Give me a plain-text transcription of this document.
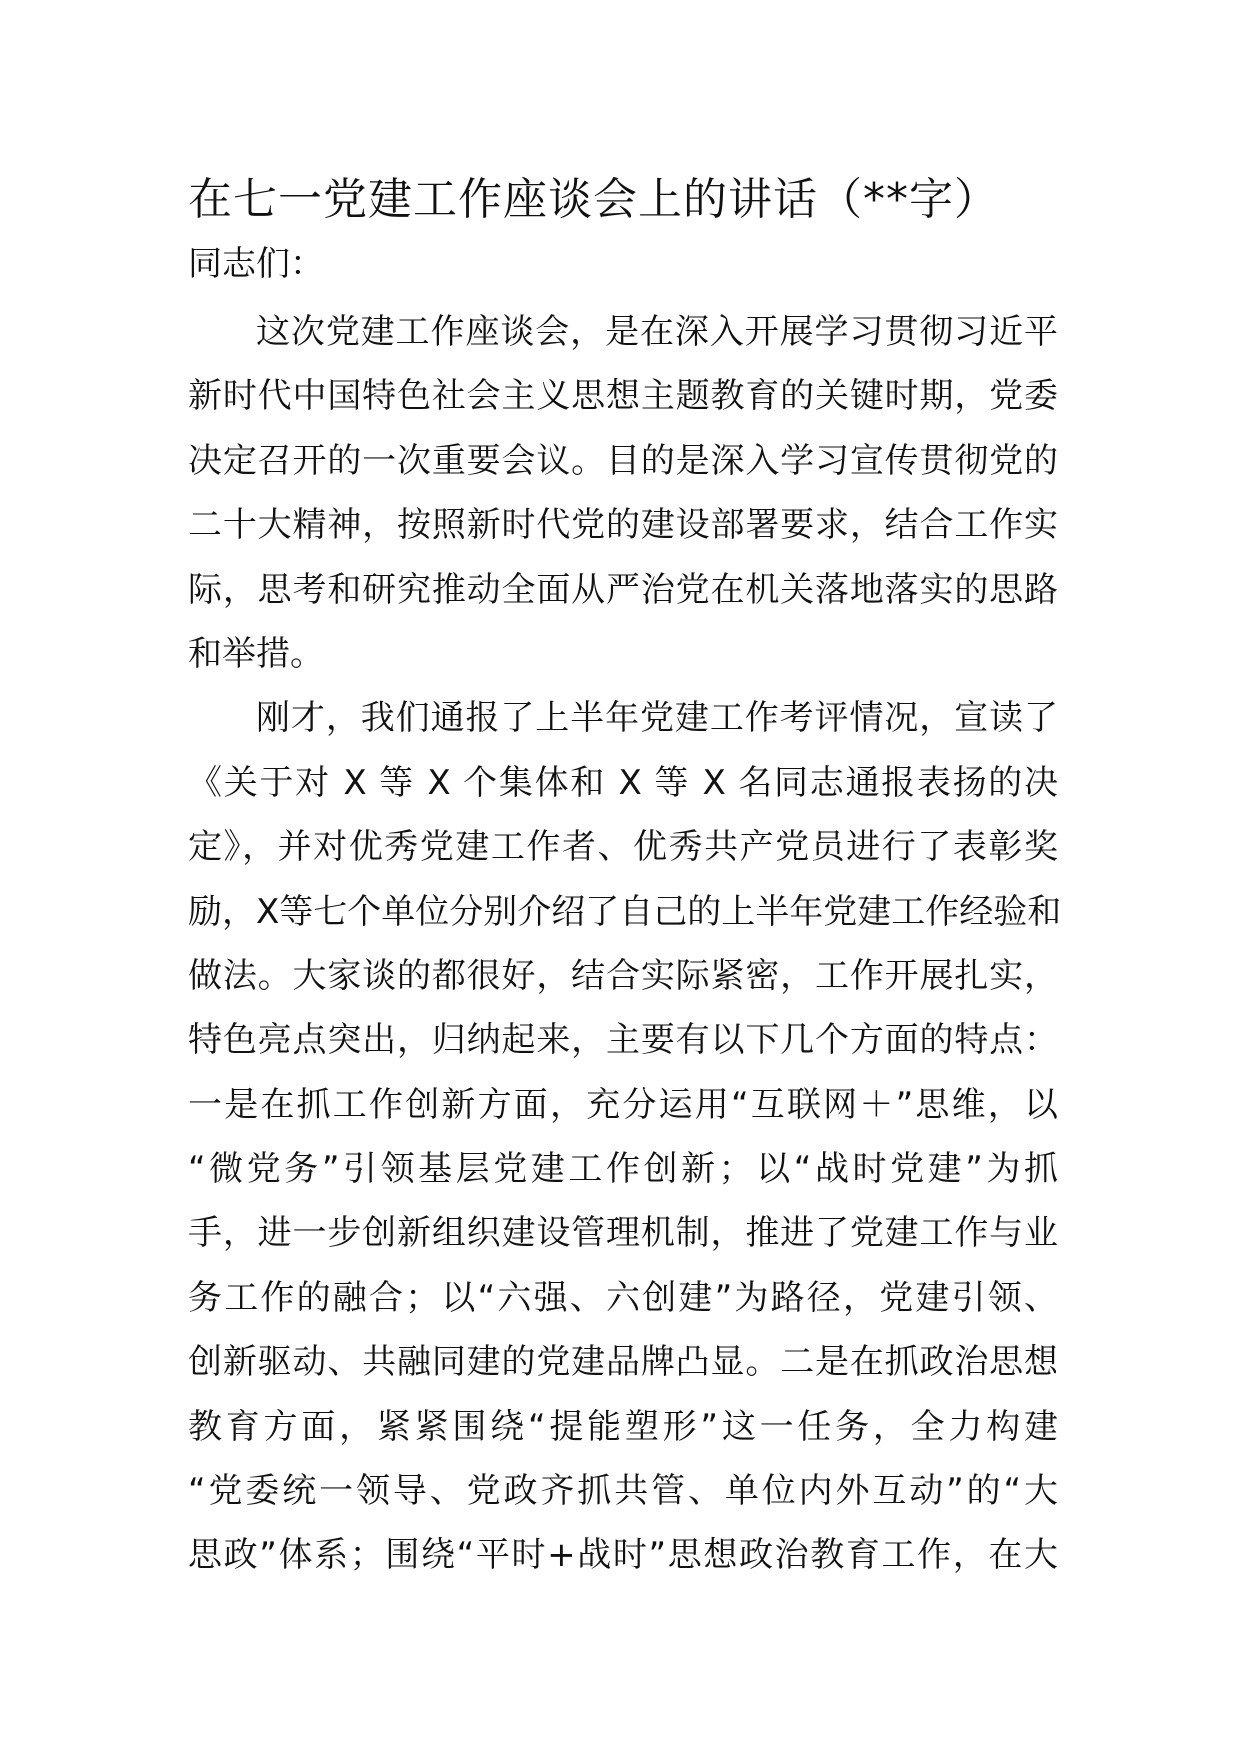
在七一党建工作座谈会上的讲话（**字）
同志们：
这次党建工作座谈会，是在深入开展学习贯彻习近平
新时代中国特色社会主义思想主题教育的关键时期，党委
决定召开的一次重要会议。目的是深入学习宣传贯彻党的
二十大精神，按照新时代党的建设部署要求，结合工作实
际，思考和研究推动全面从严治党在机关落地落实的思路
和举措。
刚才，我们通报了上半年党建工作考评情况，宣读了
《关于对 X 等 X 个集体和 X 等 X 名同志通报表扬的决
定》，并对优秀党建工作者、优秀共产党员进行了表彰奖
励，X等七个单位分别介绍了自己的上半年党建工作经验和
做法。大家谈的都很好，结合实际紧密，工作开展扎实，
特色亮点突出，归纳起来，主要有以下几个方面的特点：
一是在抓工作创新方面，充分运用“互联网＋”思维，以
“微党务”引领基层党建工作创新；以“战时党建”为抓
手，进一步创新组织建设管理机制，推进了党建工作与业
务工作的融合；以“六强、六创建”为路径，党建引领、
创新驱动、共融同建的党建品牌凸显。二是在抓政治思想
教育方面，紧紧围绕“提能塑形”这一任务，全力构建
“党委统一领导、党政齐抓共管、单位内外互动”的“大
思政”体系；围绕“平时+战时”思想政治教育工作，在大
